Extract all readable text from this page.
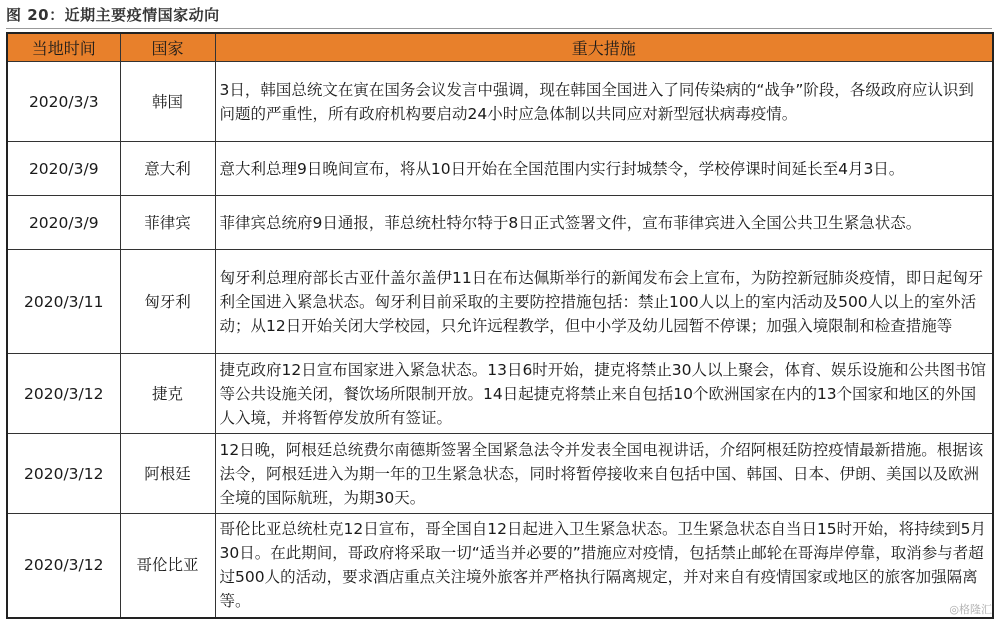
图 20：近期主要疫情国家动向
当地时间	国家	重大措施
2020/3/3	韩国	3日，韩国总统文在寅在国务会议发言中强调，现在韩国全国进入了同传染病的“战争”阶段，各级政府应认识到问题的严重性，所有政府机构要启动24小时应急体制以共同应对新型冠状病毒疫情。
2020/3/9	意大利	意大利总理9日晚间宣布，将从10日开始在全国范围内实行封城禁令，学校停课时间延长至4月3日。
2020/3/9	菲律宾	菲律宾总统府9日通报，菲总统杜特尔特于8日正式签署文件，宣布菲律宾进入全国公共卫生紧急状态。
2020/3/11	匈牙利	匈牙利总理府部长古亚什盖尔盖伊11日在布达佩斯举行的新闻发布会上宣布，为防控新冠肺炎疫情，即日起匈牙利全国进入紧急状态。匈牙利目前采取的主要防控措施包括：禁止100人以上的室内活动及500人以上的室外活动；从12日开始关闭大学校园，只允许远程教学，但中小学及幼儿园暂不停课；加强入境限制和检查措施等
2020/3/12	捷克	捷克政府12日宣布国家进入紧急状态。13日6时开始，捷克将禁止30人以上聚会，体育、娱乐设施和公共图书馆等公共设施关闭，餐饮场所限制开放。14日起捷克将禁止来自包括10个欧洲国家在内的13个国家和地区的外国人入境，并将暂停发放所有签证。
2020/3/12	阿根廷	12日晚，阿根廷总统费尔南德斯签署全国紧急法令并发表全国电视讲话，介绍阿根廷防控疫情最新措施。根据该法令，阿根廷进入为期一年的卫生紧急状态，同时将暂停接收来自包括中国、韩国、日本、伊朗、美国以及欧洲全境的国际航班，为期30天。
2020/3/12	哥伦比亚	哥伦比亚总统杜克12日宣布，哥全国自12日起进入卫生紧急状态。卫生紧急状态自当日15时开始，将持续到5月30日。在此期间，哥政府将采取一切“适当并必要的”措施应对疫情，包括禁止邮轮在哥海岸停靠，取消参与者超过500人的活动，要求酒店重点关注境外旅客并严格执行隔离规定，并对来自有疫情国家或地区的旅客加强隔离等。	◎格隆汇
